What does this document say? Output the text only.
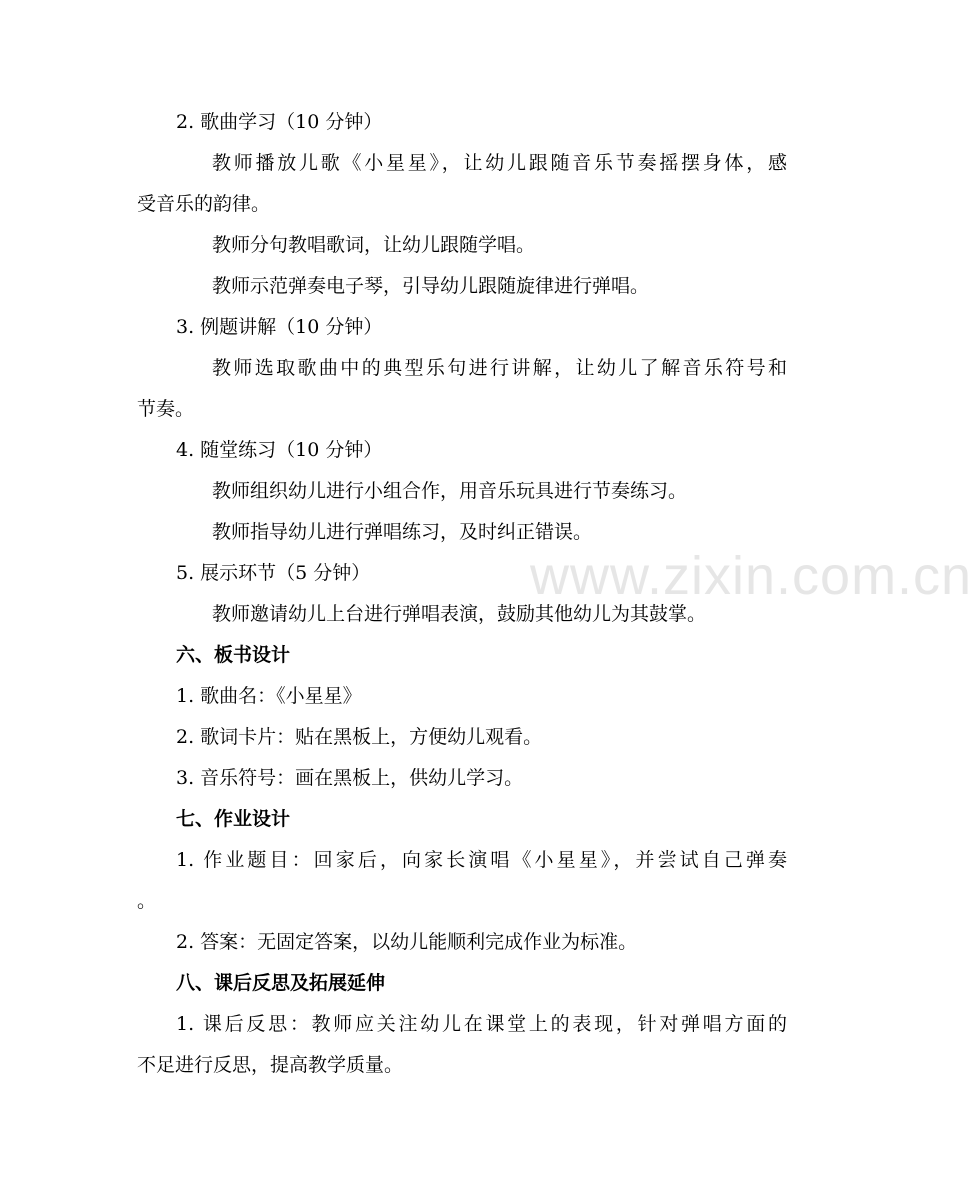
www.zixin.com.cn
2. 歌曲学习（10 分钟）
教师播放儿歌《小星星》，让幼儿跟随音乐节奏摇摆身体，感
受音乐的韵律。
教师分句教唱歌词，让幼儿跟随学唱。
教师示范弹奏电子琴，引导幼儿跟随旋律进行弹唱。
3. 例题讲解（10 分钟）
教师选取歌曲中的典型乐句进行讲解，让幼儿了解音乐符号和
节奏。
4. 随堂练习（10 分钟）
教师组织幼儿进行小组合作，用音乐玩具进行节奏练习。
教师指导幼儿进行弹唱练习，及时纠正错误。
5. 展示环节（5 分钟）
教师邀请幼儿上台进行弹唱表演，鼓励其他幼儿为其鼓掌。
六、板书设计
1. 歌曲名：《小星星》
2. 歌词卡片：贴在黑板上，方便幼儿观看。
3. 音乐符号：画在黑板上，供幼儿学习。
七、作业设计
1. 作业题目：回家后，向家长演唱《小星星》，并尝试自己弹奏
。
2. 答案：无固定答案，以幼儿能顺利完成作业为标准。
八、课后反思及拓展延伸
1. 课后反思：教师应关注幼儿在课堂上的表现，针对弹唱方面的
不足进行反思，提高教学质量。
